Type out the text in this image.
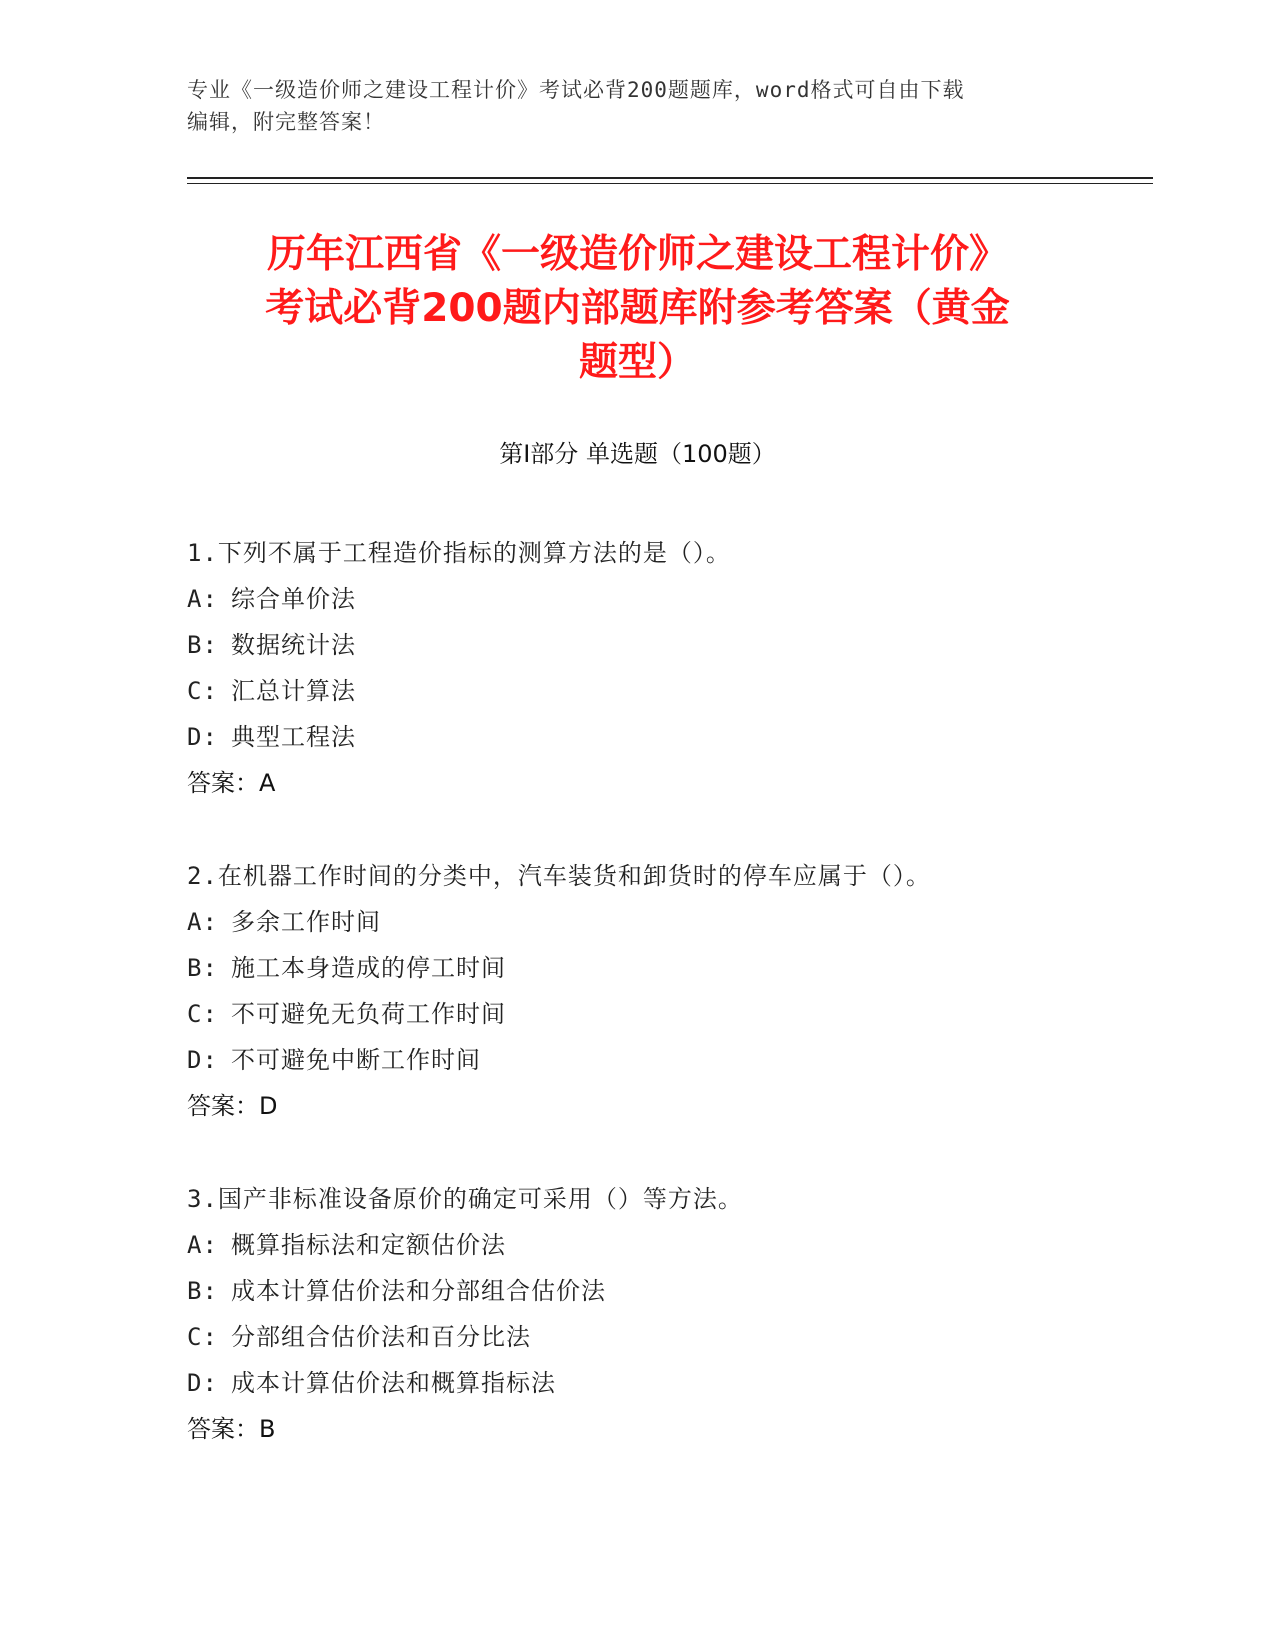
专业《一级造价师之建设工程计价》考试必背200题题库，word格式可自由下载
编辑，附完整答案！
历年江西省《一级造价师之建设工程计价》
考试必背200题内部题库附参考答案（黄金
题型）
第Ⅰ部分 单选题（100题）
1.下列不属于工程造价指标的测算方法的是（）。
A: 综合单价法
B: 数据统计法
C: 汇总计算法
D: 典型工程法
答案：A
2.在机器工作时间的分类中，汽车装货和卸货时的停车应属于（）。
A: 多余工作时间
B: 施工本身造成的停工时间
C: 不可避免无负荷工作时间
D: 不可避免中断工作时间
答案：D
3.国产非标准设备原价的确定可采用（）等方法。
A: 概算指标法和定额估价法
B: 成本计算估价法和分部组合估价法
C: 分部组合估价法和百分比法
D: 成本计算估价法和概算指标法
答案：B
